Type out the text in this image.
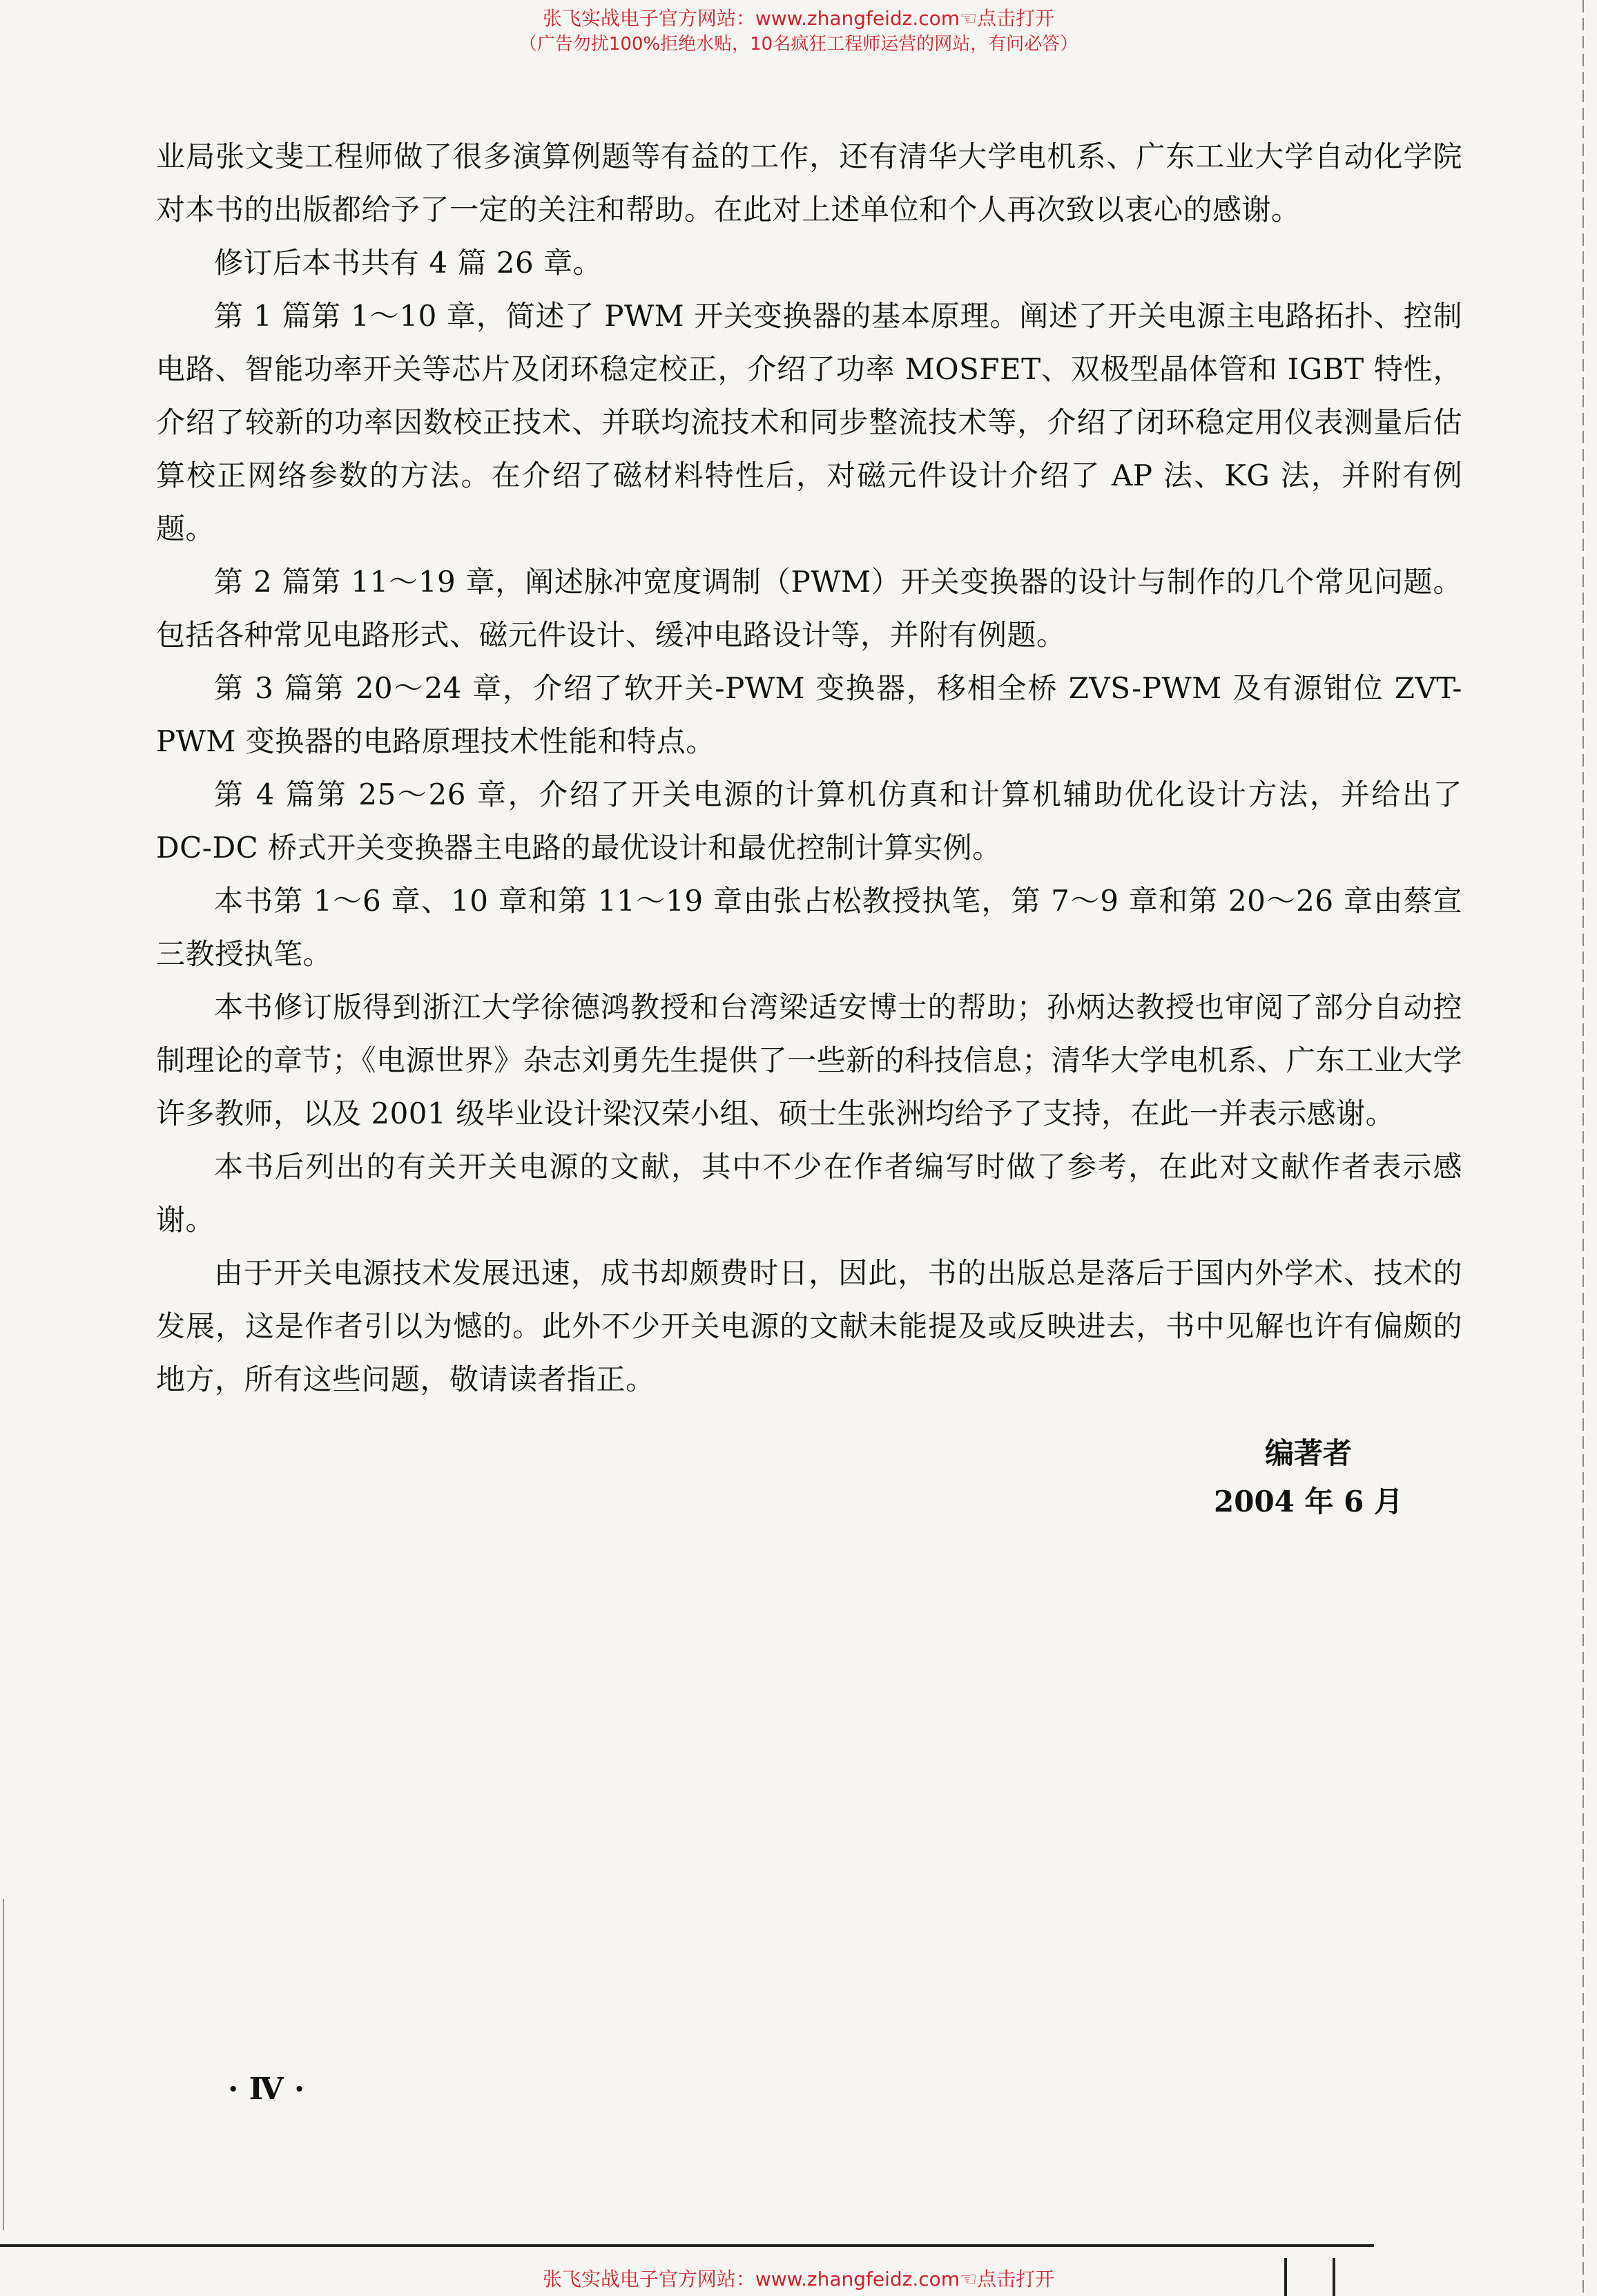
张飞实战电子官方网站：www.zhangfeidz.com☜点击打开
（广告勿扰100%拒绝水贴，10名疯狂工程师运营的网站，有问必答）

业局张文斐工程师做了很多演算例题等有益的工作，还有清华大学电机系、广东工业大学自动化学院对本书的出版都给予了一定的关注和帮助。在此对上述单位和个人再次致以衷心的感谢。

修订后本书共有 4 篇 26 章。

第 1 篇第 1～10 章，简述了 PWM 开关变换器的基本原理。阐述了开关电源主电路拓扑、控制电路、智能功率开关等芯片及闭环稳定校正，介绍了功率 MOSFET、双极型晶体管和 IGBT 特性，介绍了较新的功率因数校正技术、并联均流技术和同步整流技术等，介绍了闭环稳定用仪表测量后估算校正网络参数的方法。在介绍了磁材料特性后，对磁元件设计介绍了 AP 法、KG 法，并附有例题。

第 2 篇第 11～19 章，阐述脉冲宽度调制（PWM）开关变换器的设计与制作的几个常见问题。包括各种常见电路形式、磁元件设计、缓冲电路设计等，并附有例题。

第 3 篇第 20～24 章，介绍了软开关-PWM 变换器，移相全桥 ZVS-PWM 及有源钳位 ZVT-PWM 变换器的电路原理技术性能和特点。

第 4 篇第 25～26 章，介绍了开关电源的计算机仿真和计算机辅助优化设计方法，并给出了 DC-DC 桥式开关变换器主电路的最优设计和最优控制计算实例。

本书第 1～6 章、10 章和第 11～19 章由张占松教授执笔，第 7～9 章和第 20～26 章由蔡宣三教授执笔。

本书修订版得到浙江大学徐德鸿教授和台湾梁适安博士的帮助；孙炳达教授也审阅了部分自动控制理论的章节；《电源世界》杂志刘勇先生提供了一些新的科技信息；清华大学电机系、广东工业大学许多教师，以及 2001 级毕业设计梁汉荣小组、硕士生张洲均给予了支持，在此一并表示感谢。

本书后列出的有关开关电源的文献，其中不少在作者编写时做了参考，在此对文献作者表示感谢。

由于开关电源技术发展迅速，成书却颇费时日，因此，书的出版总是落后于国内外学术、技术的发展，这是作者引以为憾的。此外不少开关电源的文献未能提及或反映进去，书中见解也许有偏颇的地方，所有这些问题，敬请读者指正。

编著者
2004 年 6 月
· Ⅳ ·
张飞实战电子官方网站：www.zhangfeidz.com☜点击打开
